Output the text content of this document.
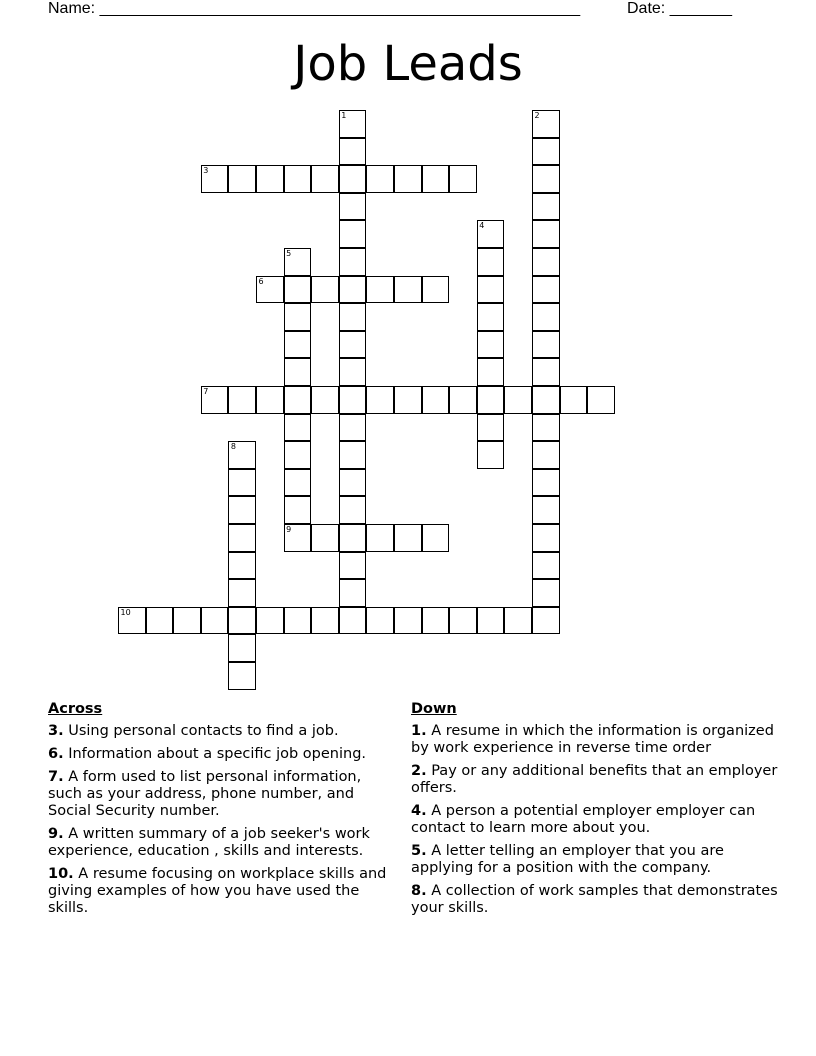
Name: ______________________________________________________	Date: _______
Job Leads
1	2
3
4
5
9
6
7
8
10
Across
3. Using personal contacts to find a job.
6. Information about a specific job opening.
7. A form used to list personal information, such as your address, phone number, and Social Security number.
9. A written summary of a job seeker's work experience, education , skills and interests.
10. A resume focusing on workplace skills and giving examples of how you have used the skills.
Down
1. A resume in which the information is organized by work experience in reverse time order
2. Pay or any additional benefits that an employer offers.
4. A person a potential employer employer can contact to learn more about you.
5. A letter telling an employer that you are applying for a position with the company.
8. A collection of work samples that demonstrates your skills.
